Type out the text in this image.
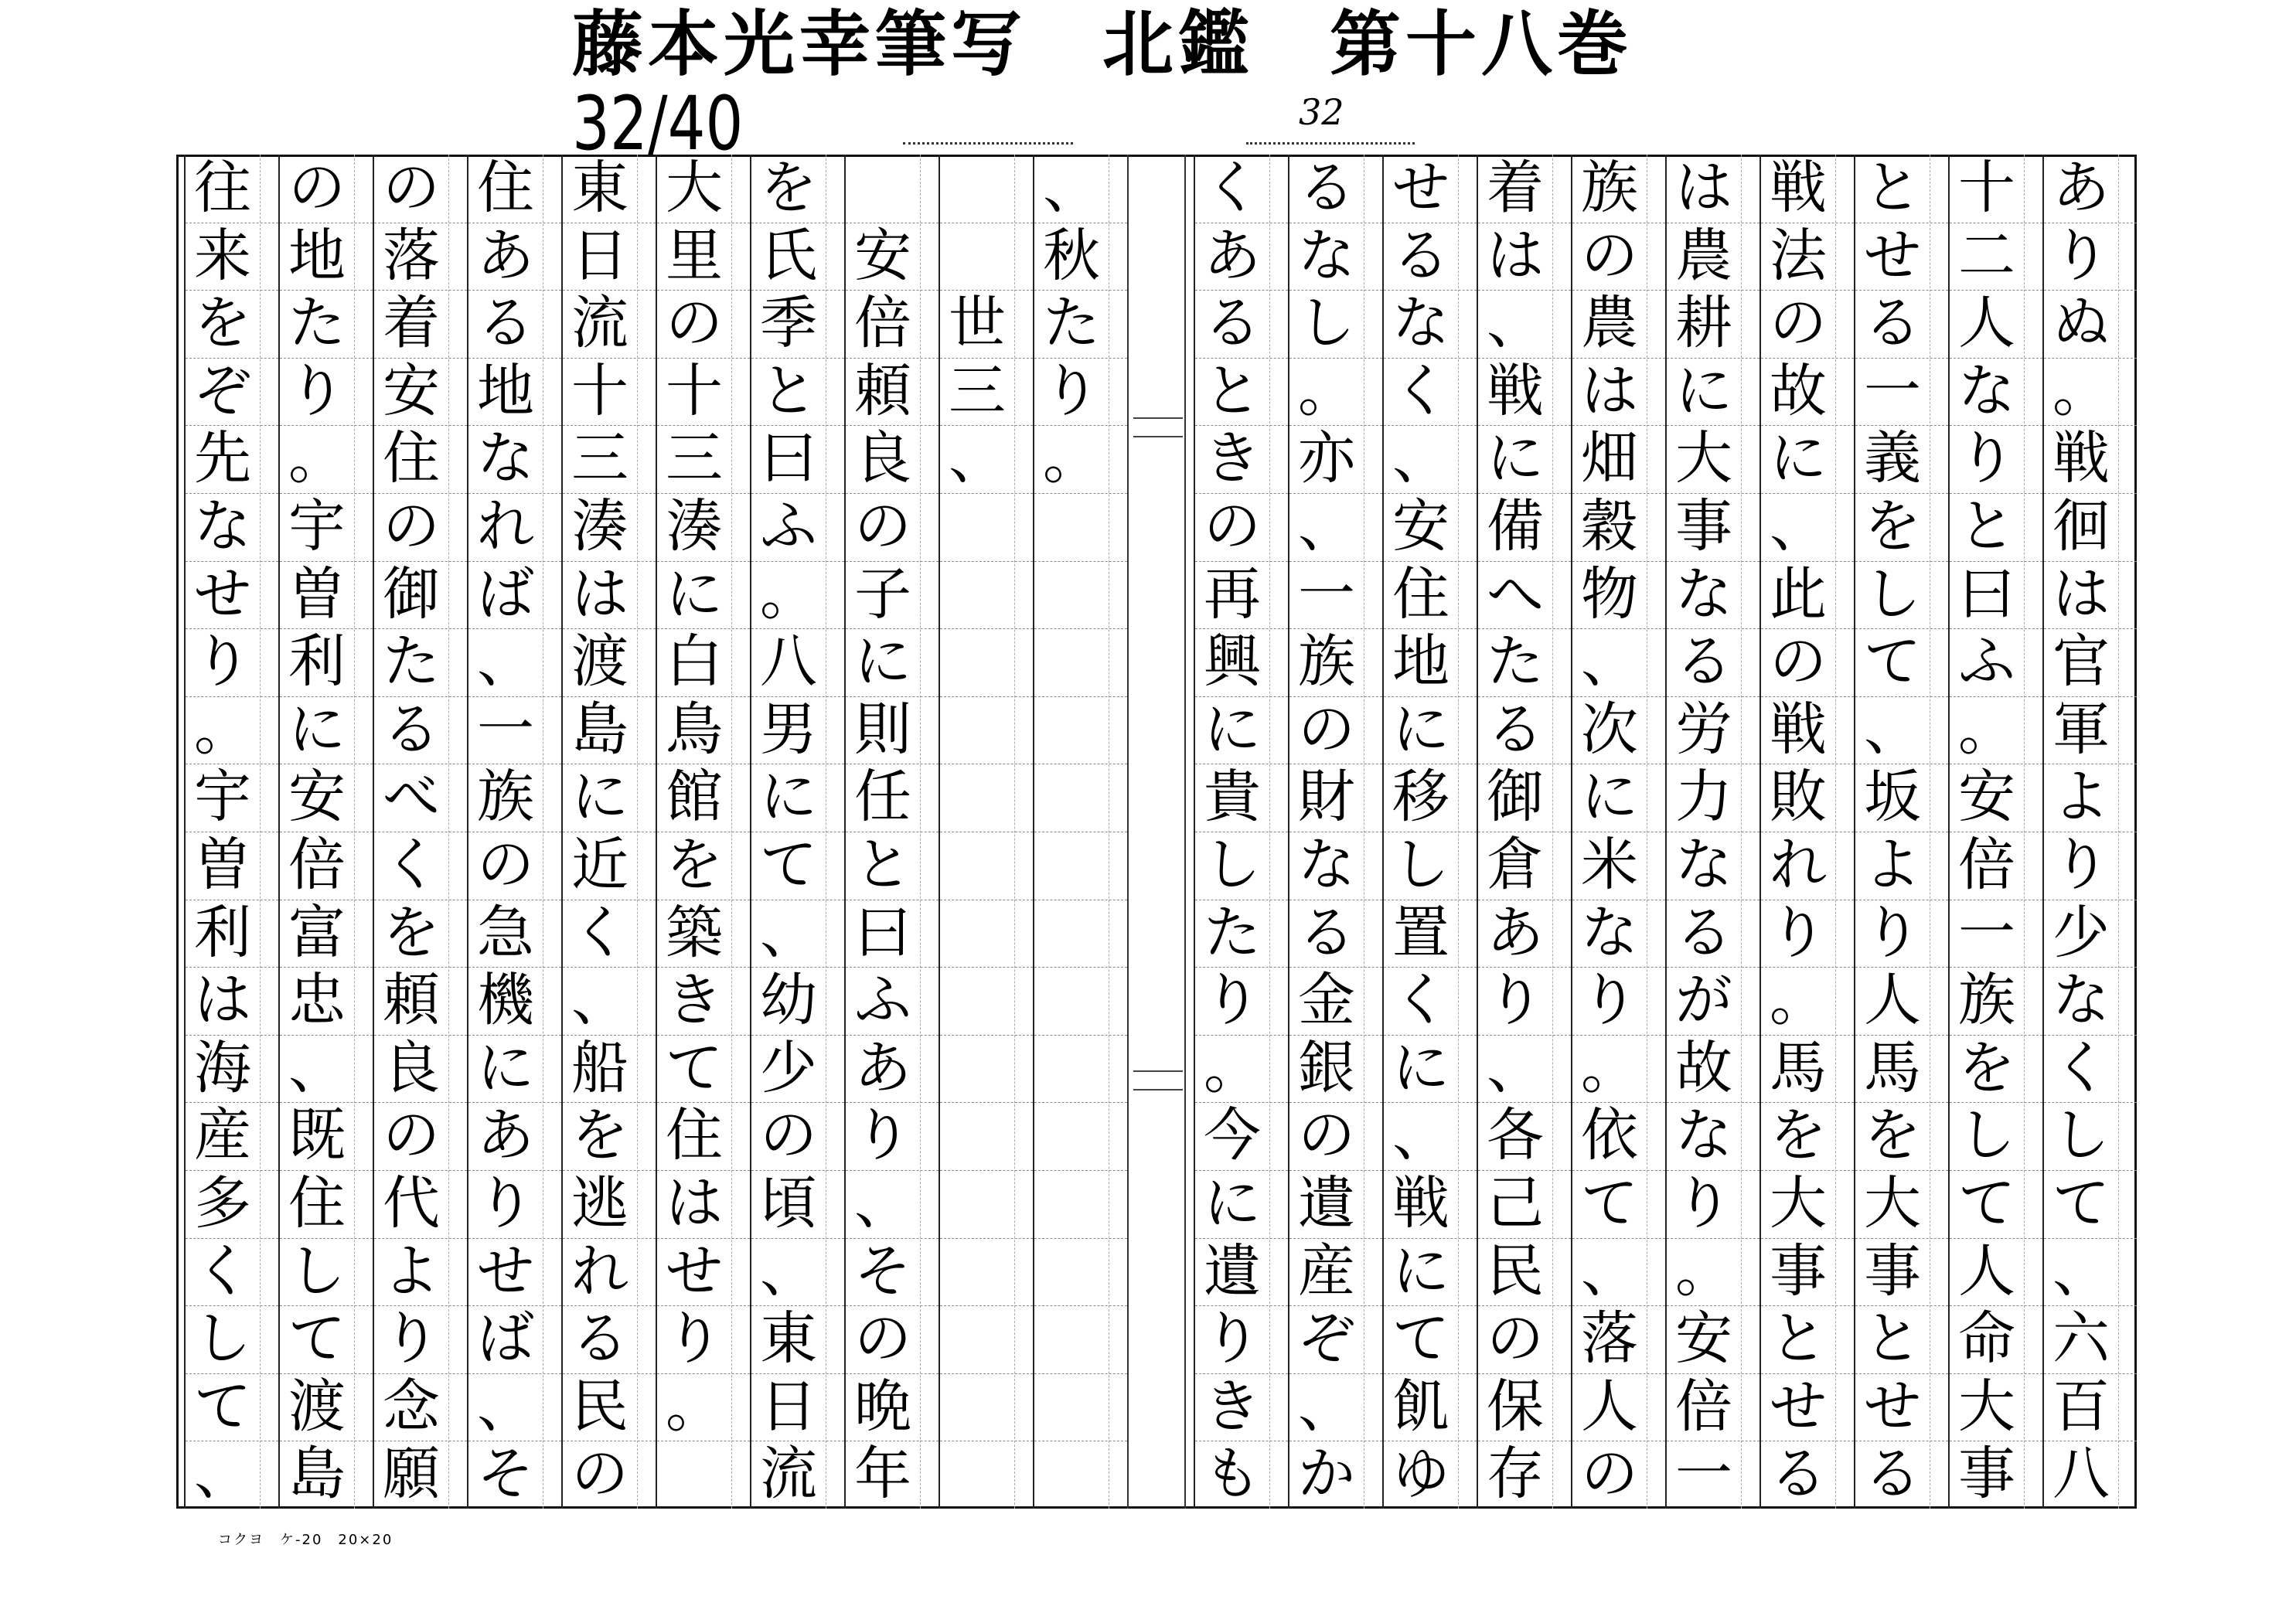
藤本光幸筆写　北鑑　第十八巻
32/40	32
あ
り
ぬ
。
戦
徊
は
官
軍
よ
り
少
な
く
し
て
、
六
百
八
十
二
人
な
り
と
曰
ふ
。
安
倍
一
族
を
し
て
人
命
大
事
と
せ
る
一
義
を
し
て
、
坂
よ
り
人
馬
を
大
事
と
せ
る
戦
法
の
故
に
、
此
の
戦
敗
れ
り
。
馬
を
大
事
と
せ
る
は
農
耕
に
大
事
な
る
労
力
な
る
が
故
な
り
。
安
倍
一
族
の
農
は
畑
穀
物
、
次
に
米
な
り
。
依
て
、
落
人
の
着
は
、
戦
に
備
へ
た
る
御
倉
あ
り
、
各
己
民
の
保
存
せ
る
な
く
、
安
住
地
に
移
し
置
く
に
、
戦
に
て
飢
ゆ
る
な
し
。
亦
、
一
族
の
財
な
る
金
銀
の
遺
産
ぞ
、
か
く
あ
る
と
き
の
再
興
に
貴
し
た
り
。
今
に
遺
り
き
も
、
秋
た
り
。

世
三
、

安
倍
頼
良
の
子
に
則
任
と
曰
ふ
あ
り
、
そ
の
晩
年
を
氏
季
と
曰
ふ
。
八
男
に
て
、
幼
少
の
頃
、
東
日
流
大
里
の
十
三
湊
に
白
鳥
館
を
築
き
て
住
は
せ
り
。
東
日
流
十
三
湊
は
渡
島
に
近
く
、
船
を
逃
れ
る
民
の
住
あ
る
地
な
れ
ば
、
一
族
の
急
機
に
あ
り
せ
ば
、
そ
の
落
着
安
住
の
御
た
る
べ
く
を
頼
良
の
代
よ
り
念
願
の
地
た
り
。
宇
曽
利
に
安
倍
富
忠
、
既
住
し
て
渡
島
往
来
を
ぞ
先
な
せ
り
。
宇
曽
利
は
海
産
多
く
し
て
、
コクヨ　ケ-20　20×20
